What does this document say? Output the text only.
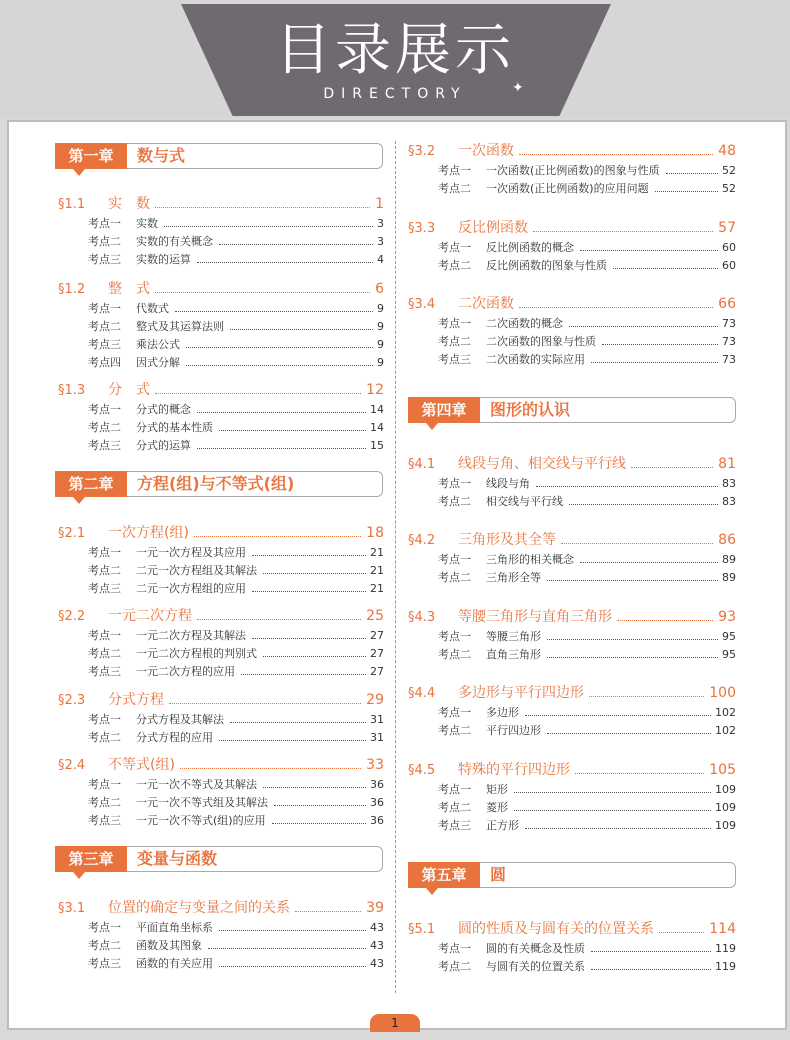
目录展示
DIRECTORY	✦
第一章	数与式
第二章	方程(组)与不等式(组)
第三章	变量与函数
第四章	图形的认识
第五章	圆
§1.1	实　数	1
考点一	实数	3
考点二	实数的有关概念	3
考点三	实数的运算	4
§1.2	整　式	6
考点一	代数式	9
考点二	整式及其运算法则	9
考点三	乘法公式	9
考点四	因式分解	9
§1.3	分　式	12
考点一	分式的概念	14
考点二	分式的基本性质	14
考点三	分式的运算	15
§2.1	一次方程(组)	18
考点一	一元一次方程及其应用	21
考点二	二元一次方程组及其解法	21
考点三	二元一次方程组的应用	21
§2.2	一元二次方程	25
考点一	一元二次方程及其解法	27
考点二	一元二次方程根的判别式	27
考点三	一元二次方程的应用	27
§2.3	分式方程	29
考点一	分式方程及其解法	31
考点二	分式方程的应用	31
§2.4	不等式(组)	33
考点一	一元一次不等式及其解法	36
考点二	一元一次不等式组及其解法	36
考点三	一元一次不等式(组)的应用	36
§3.1	位置的确定与变量之间的关系	39
考点一	平面直角坐标系	43
考点二	函数及其图象	43
考点三	函数的有关应用	43
§3.2	一次函数	48
考点一	一次函数(正比例函数)的图象与性质	52
考点二	一次函数(正比例函数)的应用问题	52
§3.3	反比例函数	57
考点一	反比例函数的概念	60
考点二	反比例函数的图象与性质	60
§3.4	二次函数	66
考点一	二次函数的概念	73
考点二	二次函数的图象与性质	73
考点三	二次函数的实际应用	73
§4.1	线段与角、相交线与平行线	81
考点一	线段与角	83
考点二	相交线与平行线	83
§4.2	三角形及其全等	86
考点一	三角形的相关概念	89
考点二	三角形全等	89
§4.3	等腰三角形与直角三角形	93
考点一	等腰三角形	95
考点二	直角三角形	95
§4.4	多边形与平行四边形	100
考点一	多边形	102
考点二	平行四边形	102
§4.5	特殊的平行四边形	105
考点一	矩形	109
考点二	菱形	109
考点三	正方形	109
§5.1	圆的性质及与圆有关的位置关系	114
考点一	圆的有关概念及性质	119
考点二	与圆有关的位置关系	119
1
